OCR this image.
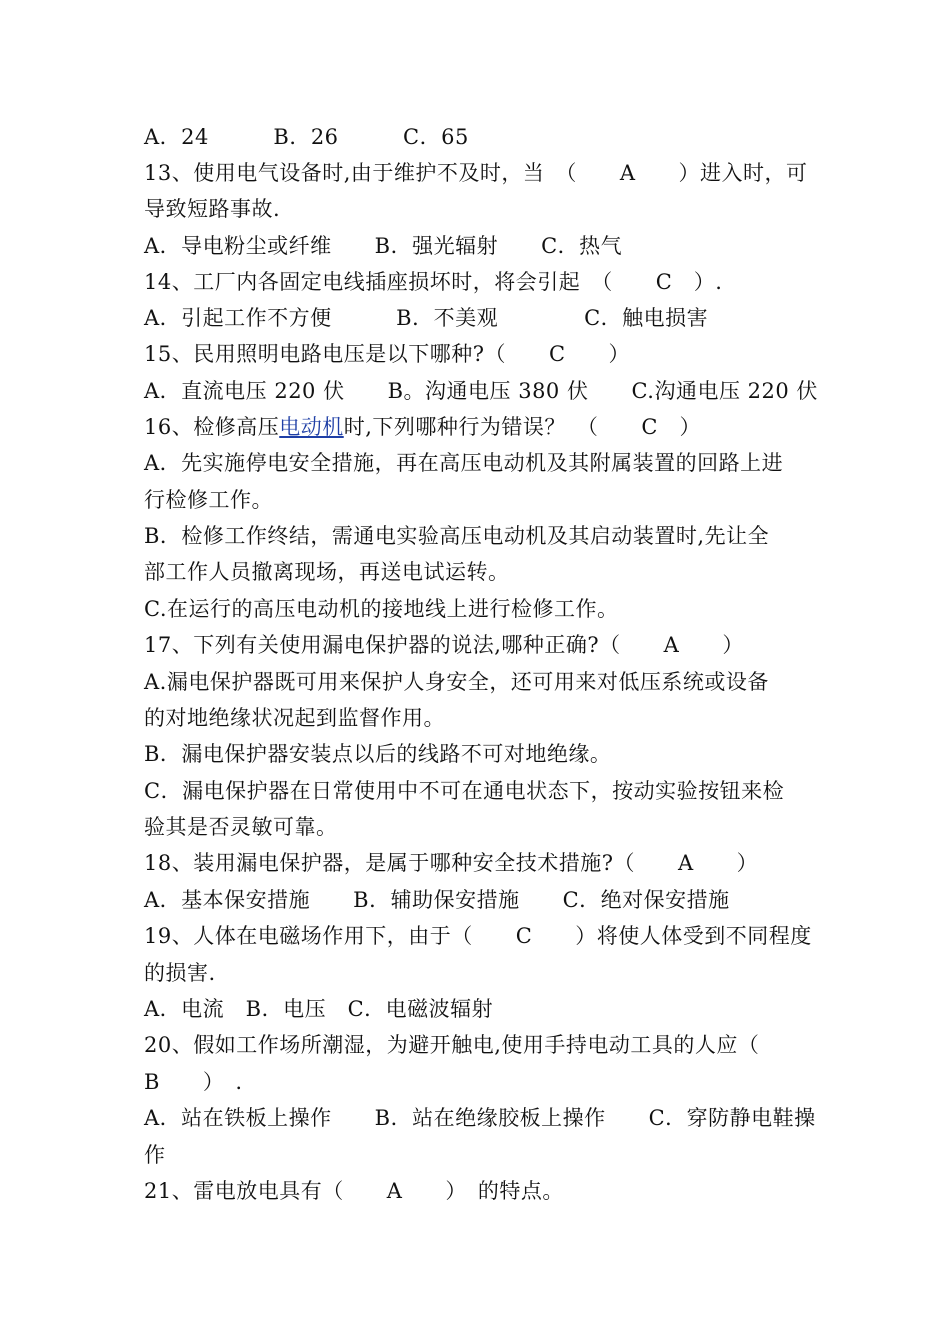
A．24　　　B．26　　　C．65
13、使用电气设备时,由于维护不及时，当　（　　A　　）进入时，可
导致短路事故.
A．导电粉尘或纤维　　B．强光辐射　　C．热气
14、工厂内各固定电线插座损坏时，将会引起　（　　C　）.
A．引起工作不方便　　　B．不美观　　　　C．触电损害
15、民用照明电路电压是以下哪种?（　　C　　）
A．直流电压 220 伏　　B。沟通电压 380 伏　　C.沟通电压 220 伏
16、检修高压电动机时,下列哪种行为错误？　（　　C　）
A．先实施停电安全措施，再在高压电动机及其附属装置的回路上进
行检修工作。
B．检修工作终结，需通电实验高压电动机及其启动装置时,先让全
部工作人员撤离现场，再送电试运转。
C.在运行的高压电动机的接地线上进行检修工作。
17、下列有关使用漏电保护器的说法,哪种正确?（　　A　　）
A.漏电保护器既可用来保护人身安全，还可用来对低压系统或设备
的对地绝缘状况起到监督作用。
B．漏电保护器安装点以后的线路不可对地绝缘。
C．漏电保护器在日常使用中不可在通电状态下，按动实验按钮来检
验其是否灵敏可靠。
18、装用漏电保护器，是属于哪种安全技术措施?（　　A　　）
A．基本保安措施　　B．辅助保安措施　　C．绝对保安措施
19、人体在电磁场作用下，由于（　　C　　）将使人体受到不同程度
的损害.
A．电流　B．电压　C．电磁波辐射
20、假如工作场所潮湿，为避开触电,使用手持电动工具的人应（
B　　）　.
A．站在铁板上操作　　B．站在绝缘胶板上操作　　C．穿防静电鞋操
作
21、雷电放电具有（　　A　　）　的特点。
